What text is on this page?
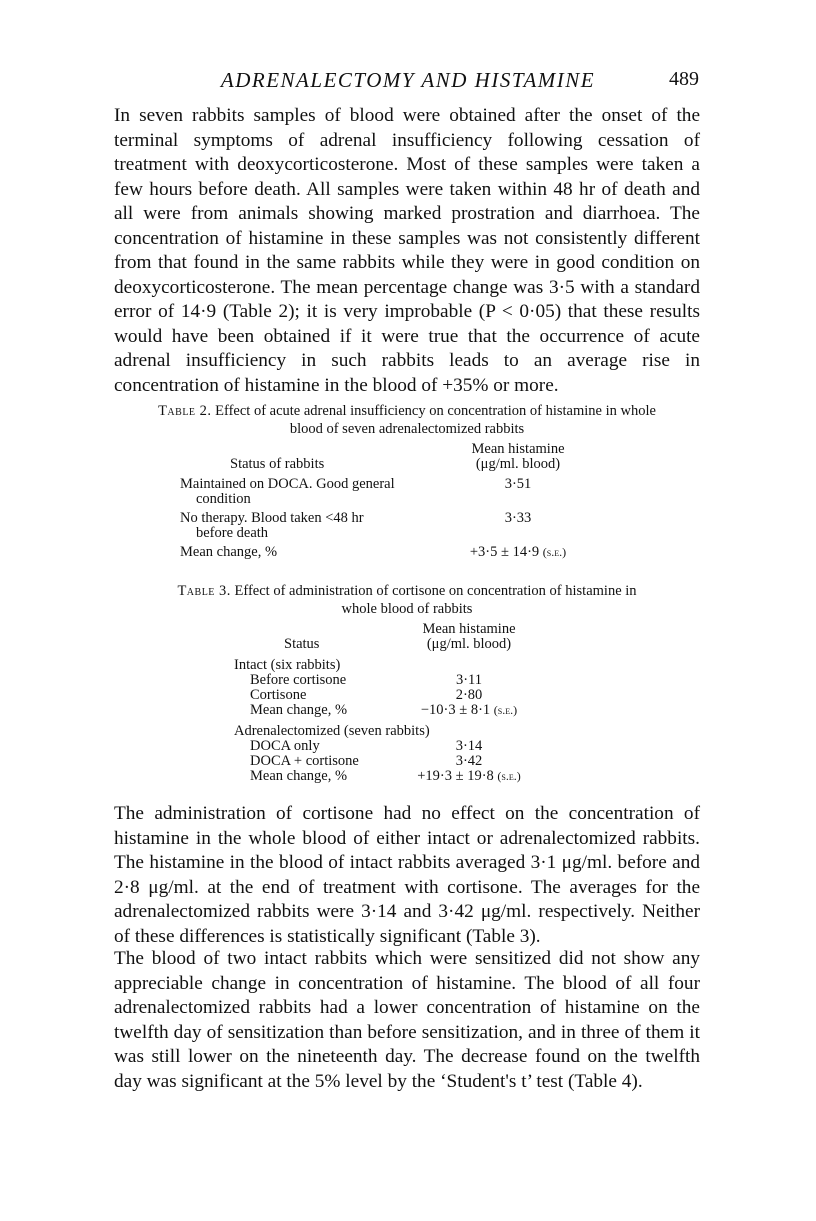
ADRENALECTOMY AND HISTAMINE	489

In seven rabbits samples of blood were obtained after the onset of the terminal symptoms of adrenal insufficiency following cessation of treatment with deoxycorticosterone. Most of these samples were taken a few hours before death. All samples were taken within 48 hr of death and all were from animals showing marked prostration and diarrhoea. The concentration of histamine in these samples was not consistently different from that found in the same rabbits while they were in good condition on deoxycorticosterone. The mean percentage change was 3·5 with a standard error of 14·9 (Table 2); it is very improbable (P < 0·05) that these results would have been obtained if it were true that the occurrence of acute adrenal insufficiency in such rabbits leads to an average rise in concentration of histamine in the blood of +35% or more.

Table 2. Effect of acute adrenal insufficiency on concentration of histamine in whole
blood of seven adrenalectomized rabbits
Status of rabbits	Mean histamine
(μg/ml. blood)
Maintained on DOCA. Good general
condition	3·51
No therapy. Blood taken <48 hr
before death	3·33
Mean change, %	+3·5 ± 14·9 (s.e.)
Table 3. Effect of administration of cortisone on concentration of histamine in
whole blood of rabbits
Status	Mean histamine
(μg/ml. blood)
Intact (six rabbits)	
Before cortisone	3·11
Cortisone	2·80
Mean change, %	−10·3 ± 8·1 (s.e.)
Adrenalectomized (seven rabbits)	
DOCA only	3·14
DOCA + cortisone	3·42
Mean change, %	+19·3 ± 19·8 (s.e.)

The administration of cortisone had no effect on the concentration of histamine in the whole blood of either intact or adrenalectomized rabbits. The histamine in the blood of intact rabbits averaged 3·1 μg/ml. before and 2·8 μg/ml. at the end of treatment with cortisone. The averages for the adrenalectomized rabbits were 3·14 and 3·42 μg/ml. respectively. Neither of these differences is statistically significant (Table 3).

The blood of two intact rabbits which were sensitized did not show any appreciable change in concentration of histamine. The blood of all four adrenalectomized rabbits had a lower concentration of histamine on the twelfth day of sensitization than before sensitization, and in three of them it was still lower on the nineteenth day. The decrease found on the twelfth day was significant at the 5% level by the ‘Student's t’ test (Table 4).
